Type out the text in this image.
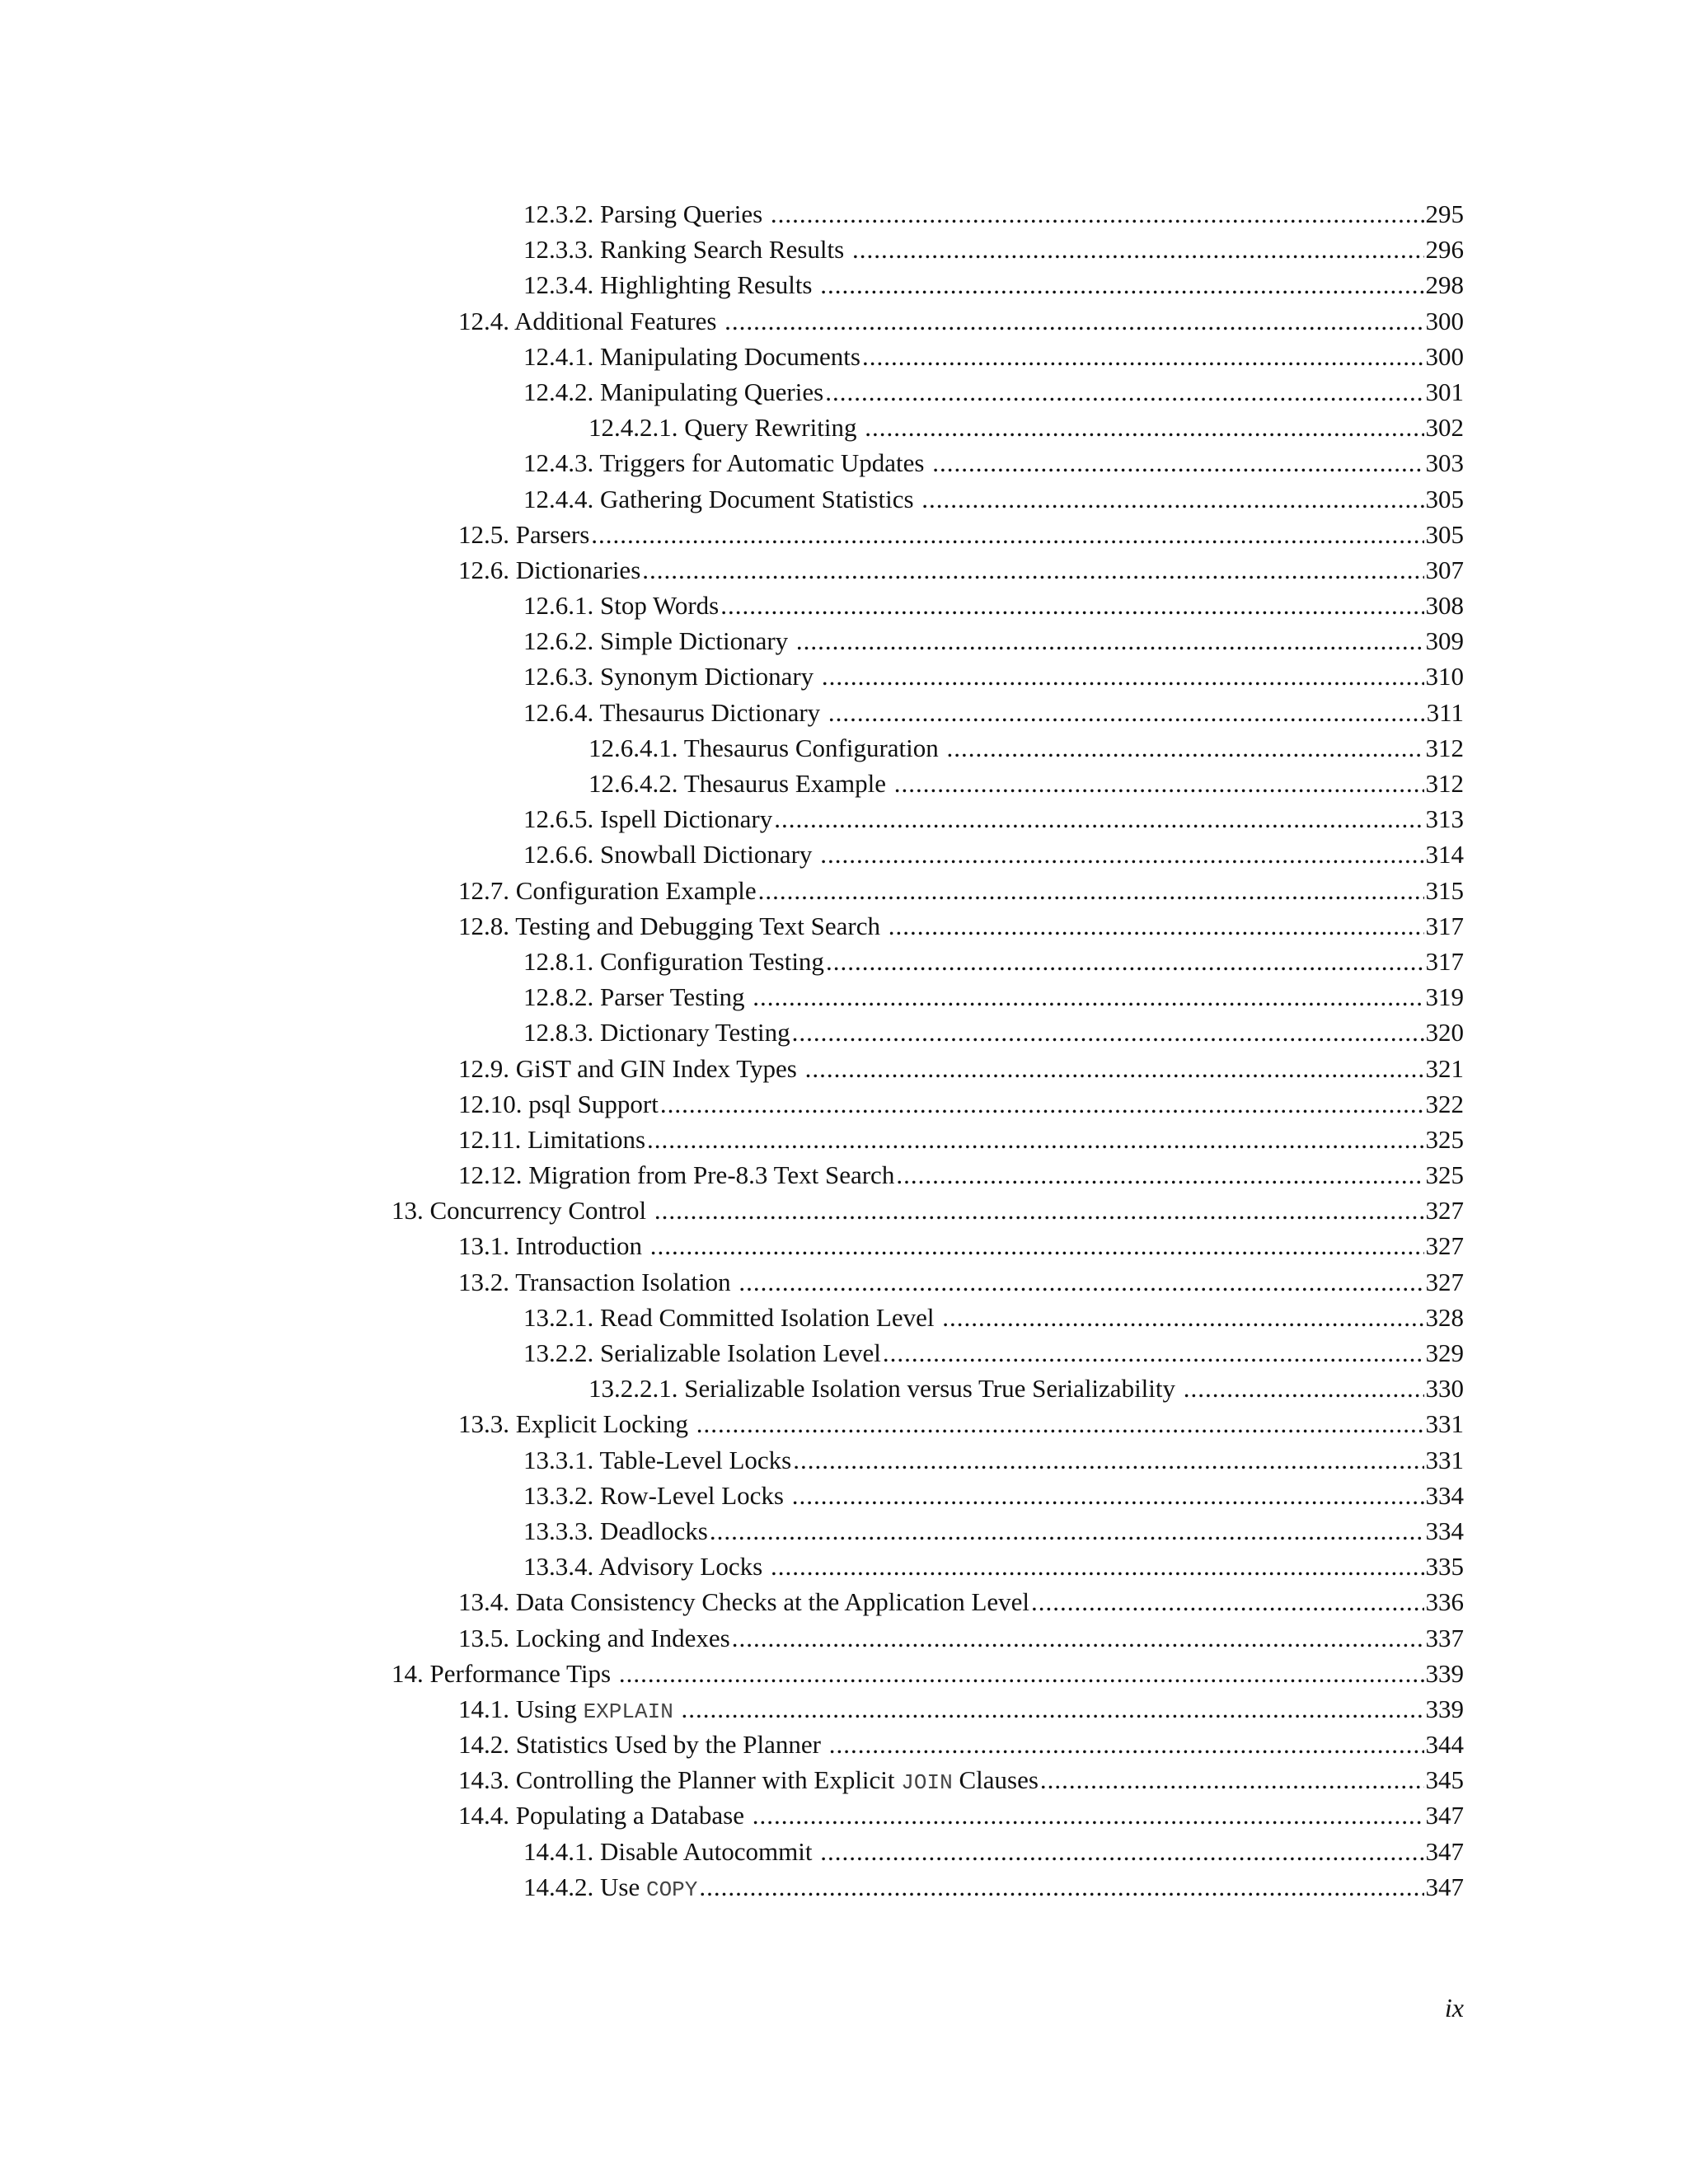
12.3.2. Parsing Queries .....	295
12.3.3. Ranking Search Results .....	296
12.3.4. Highlighting Results .....	298
12.4. Additional Features .....	300
12.4.1. Manipulating Documents .....	300
12.4.2. Manipulating Queries .....	301
12.4.2.1. Query Rewriting .....	302
12.4.3. Triggers for Automatic Updates .....	303
12.4.4. Gathering Document Statistics .....	305
12.5. Parsers .....	305
12.6. Dictionaries .....	307
12.6.1. Stop Words .....	308
12.6.2. Simple Dictionary .....	309
12.6.3. Synonym Dictionary .....	310
12.6.4. Thesaurus Dictionary .....	311
12.6.4.1. Thesaurus Configuration .....	312
12.6.4.2. Thesaurus Example .....	312
12.6.5. Ispell Dictionary .....	313
12.6.6. Snowball Dictionary .....	314
12.7. Configuration Example .....	315
12.8. Testing and Debugging Text Search .....	317
12.8.1. Configuration Testing .....	317
12.8.2. Parser Testing .....	319
12.8.3. Dictionary Testing .....	320
12.9. GiST and GIN Index Types .....	321
12.10. psql Support .....	322
12.11. Limitations .....	325
12.12. Migration from Pre-8.3 Text Search .....	325
13. Concurrency Control .....	327
13.1. Introduction .....	327
13.2. Transaction Isolation .....	327
13.2.1. Read Committed Isolation Level .....	328
13.2.2. Serializable Isolation Level .....	329
13.2.2.1. Serializable Isolation versus True Serializability .....	330
13.3. Explicit Locking .....	331
13.3.1. Table-Level Locks .....	331
13.3.2. Row-Level Locks .....	334
13.3.3. Deadlocks .....	334
13.3.4. Advisory Locks .....	335
13.4. Data Consistency Checks at the Application Level .....	336
13.5. Locking and Indexes .....	337
14. Performance Tips .....	339
14.1. Using EXPLAIN .....	339
14.2. Statistics Used by the Planner .....	344
14.3. Controlling the Planner with Explicit JOIN Clauses .....	345
14.4. Populating a Database .....	347
14.4.1. Disable Autocommit .....	347
14.4.2. Use COPY .....	347
ix
